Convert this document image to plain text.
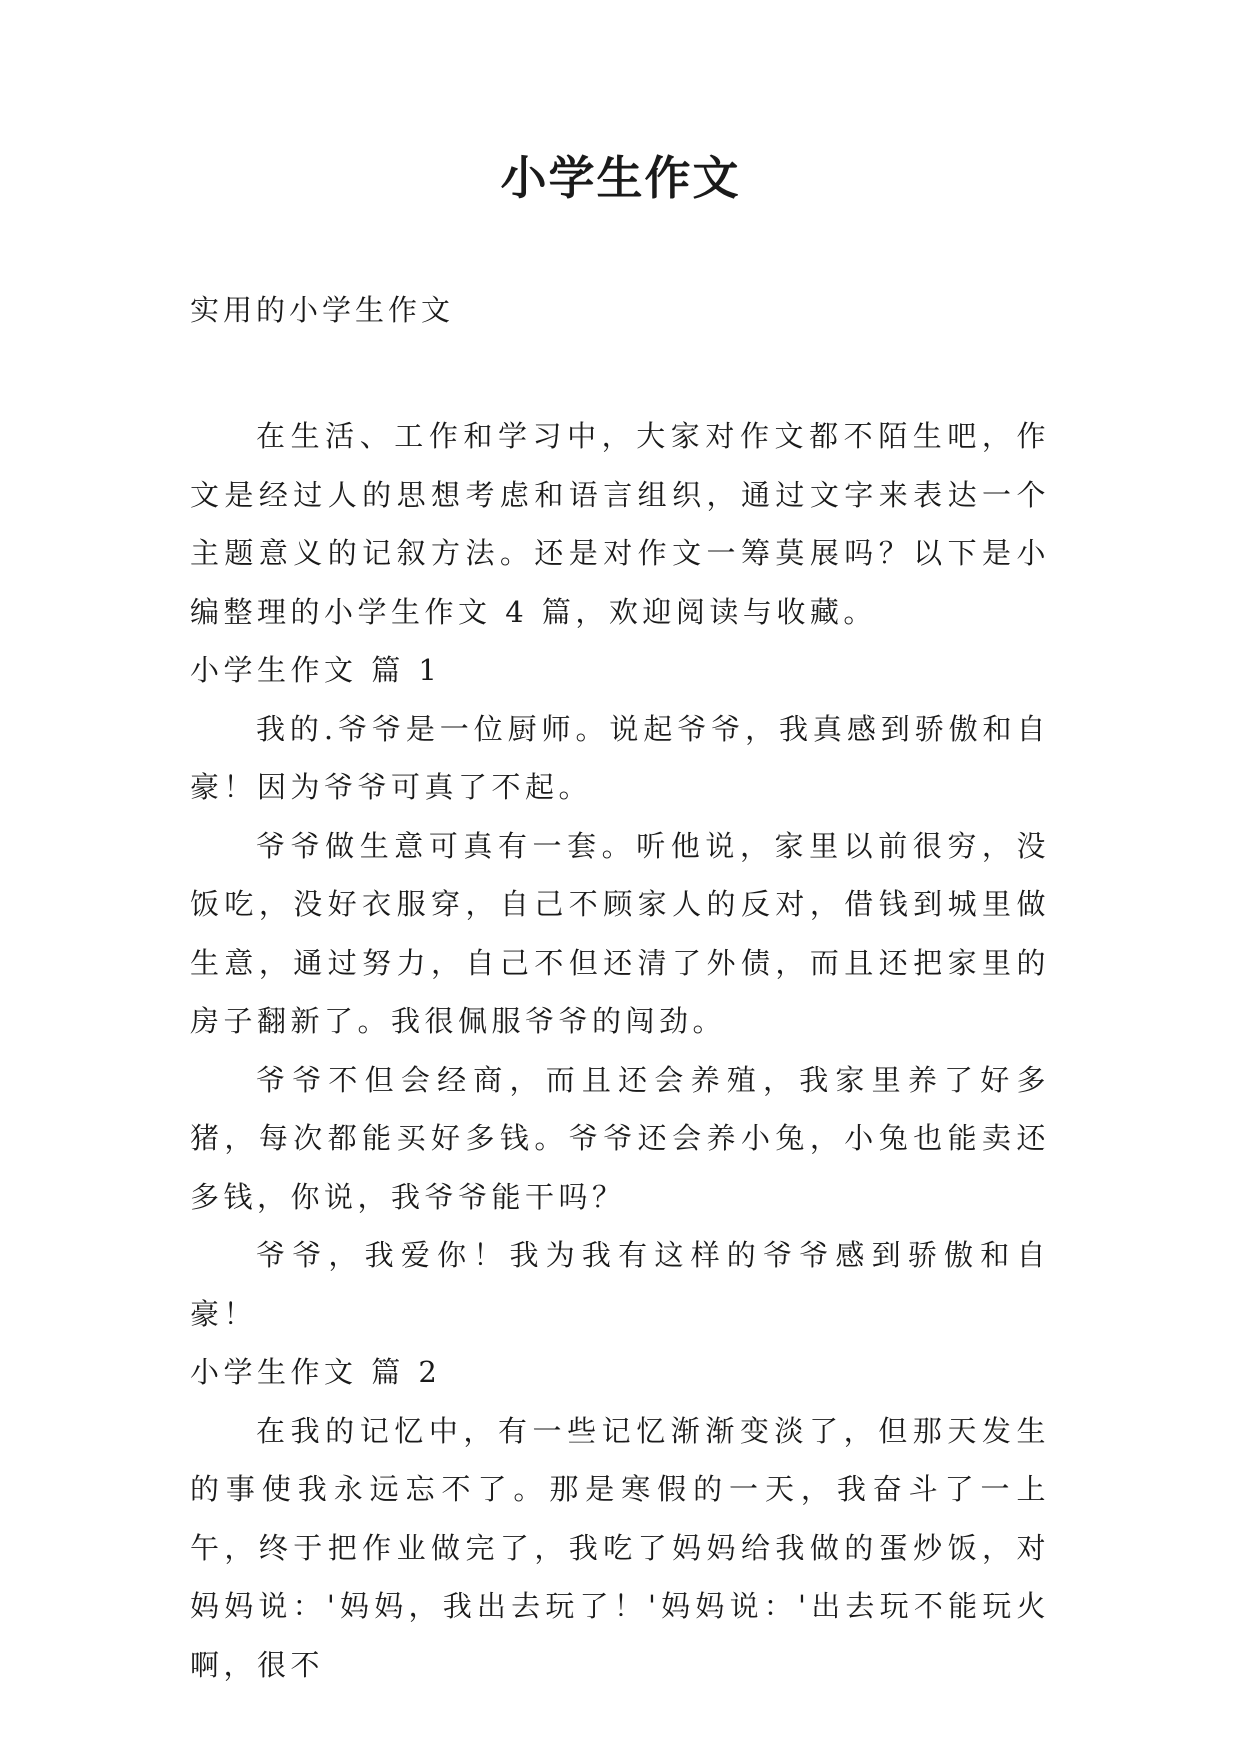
小学生作文
实用的小学生作文

在生活、工作和学习中，大家对作文都不陌生吧，作文是经过人的思想考虑和语言组织，通过文字来表达一个主题意义的记叙方法。还是对作文一筹莫展吗？以下是小编整理的小学生作文 4 篇，欢迎阅读与收藏。

小学生作文 篇 1

我的.爷爷是一位厨师。说起爷爷，我真感到骄傲和自豪！因为爷爷可真了不起。

爷爷做生意可真有一套。听他说，家里以前很穷，没饭吃，没好衣服穿，自己不顾家人的反对，借钱到城里做生意，通过努力，自己不但还清了外债，而且还把家里的房子翻新了。我很佩服爷爷的闯劲。

爷爷不但会经商，而且还会养殖，我家里养了好多猪，每次都能买好多钱。爷爷还会养小兔，小兔也能卖还多钱，你说，我爷爷能干吗？

爷爷，我爱你！我为我有这样的爷爷感到骄傲和自豪！

小学生作文 篇 2

在我的记忆中，有一些记忆渐渐变淡了，但那天发生的事使我永远忘不了。那是寒假的一天，我奋斗了一上午，终于把作业做完了，我吃了妈妈给我做的蛋炒饭，对妈妈说：'妈妈，我出去玩了！'妈妈说：'出去玩不能玩火啊，很不
